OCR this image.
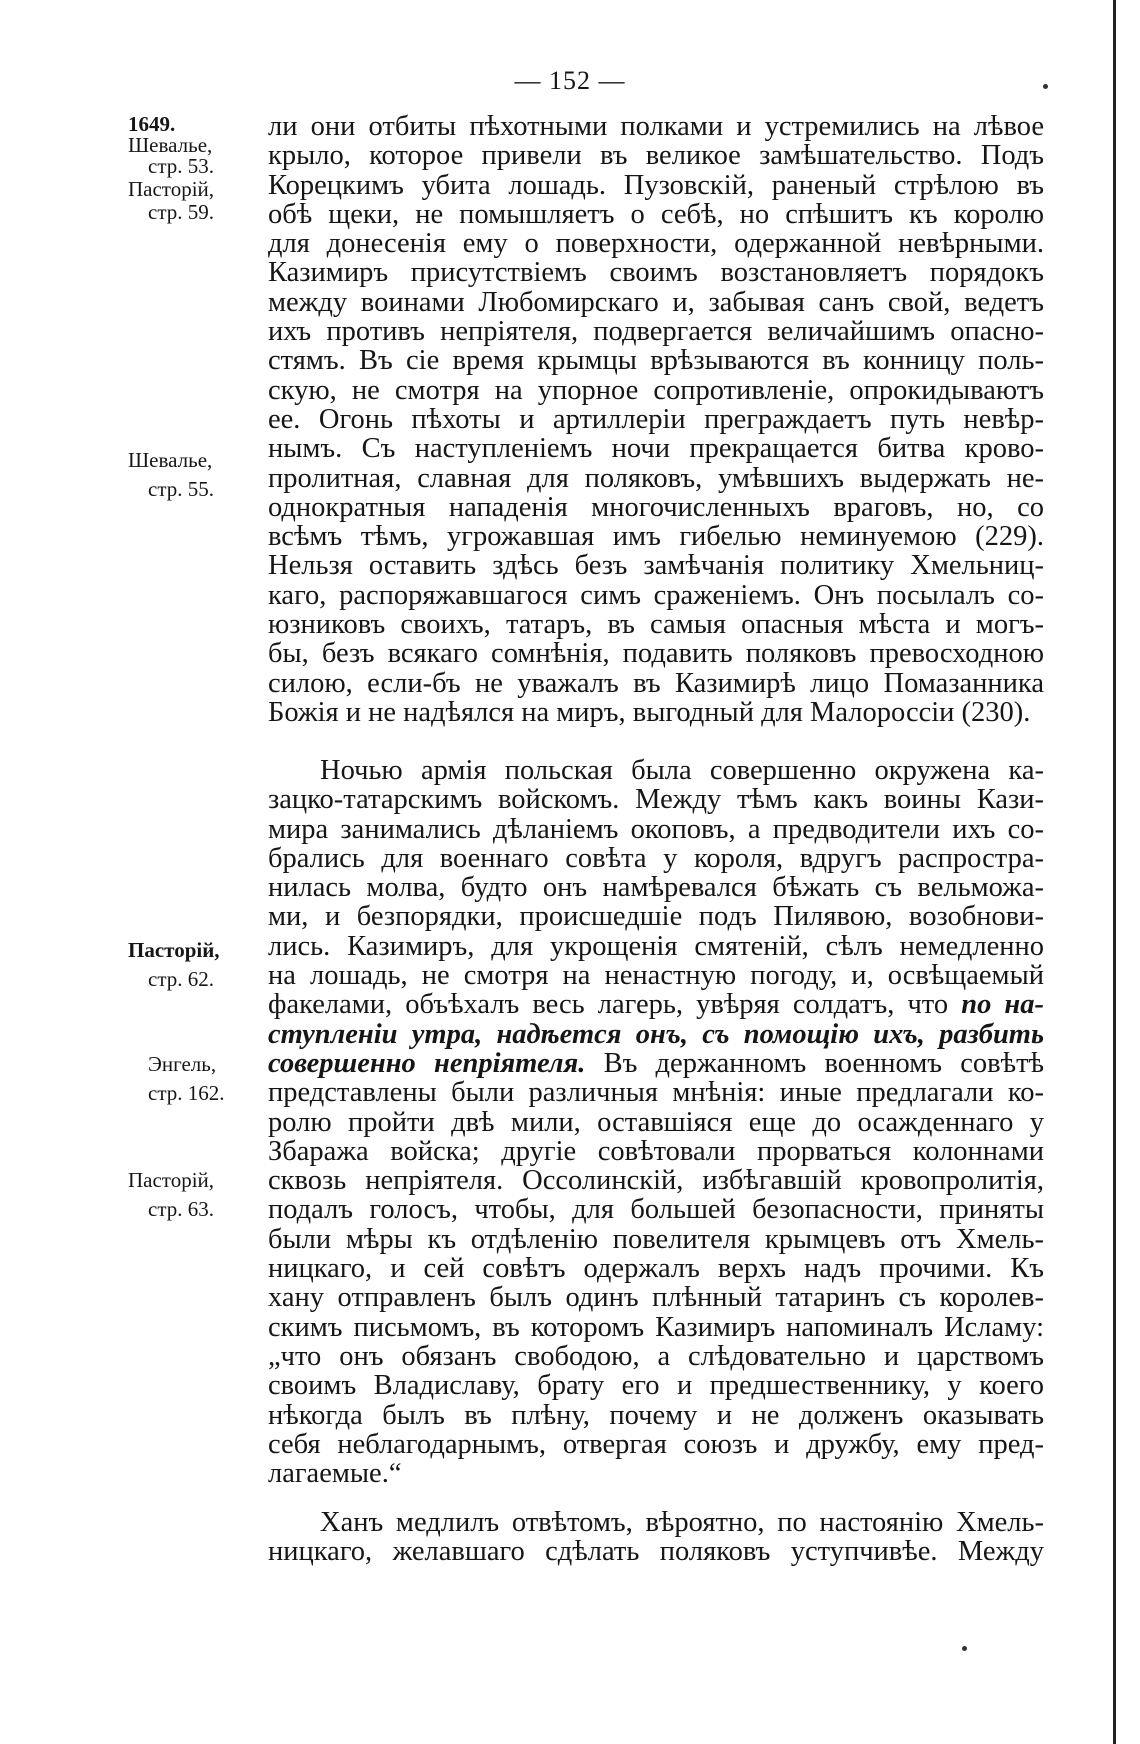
— 152 —
1649.
Шевалье,
стр. 53.
Пасторій,
стр. 59.
Шевалье,
стр. 55.
Пасторій,
стр. 62.
Энгель,
стр. 162.
Пасторій,
стр. 63.
ли они отбиты пѣхотными полками и устремились на лѣвое
крыло, которое привели въ великое замѣшательство. Подъ
Корецкимъ убита лошадь. Пузовскій, раненый стрѣлою въ
обѣ щеки, не помышляетъ о себѣ, но спѣшитъ къ королю
для донесенія ему о поверхности, одержанной невѣрными.
Казимиръ присутствіемъ своимъ возстановляетъ порядокъ
между воинами Любомирскаго и, забывая санъ свой, ведетъ
ихъ противъ непріятеля, подвергается величайшимъ опасно-
стямъ. Въ сіе время крымцы врѣзываются въ конницу поль-
скую, не смотря на упорное сопротивленіе, опрокидываютъ
ее. Огонь пѣхоты и артиллеріи преграждаетъ путь невѣр-
нымъ. Съ наступленіемъ ночи прекращается битва крово-
пролитная, славная для поляковъ, умѣвшихъ выдержать не-
однократныя нападенія многочисленныхъ враговъ, но, со
всѣмъ тѣмъ, угрожавшая имъ гибелью неминуемою (229).
Нельзя оставить здѣсь безъ замѣчанія политику Хмельниц-
каго, распоряжавшагося симъ сраженіемъ. Онъ посылалъ со-
юзниковъ своихъ, татаръ, въ самыя опасныя мѣста и могъ-
бы, безъ всякаго сомнѣнія, подавить поляковъ превосходною
силою, если-бъ не уважалъ въ Казимирѣ лицо Помазанника
Божія и не надѣялся на миръ, выгодный для Малороссіи (230).
Ночью армія польская была совершенно окружена ка-
зацко-татарскимъ войскомъ. Между тѣмъ какъ воины Кази-
мира занимались дѣланіемъ окоповъ, а предводители ихъ со-
брались для военнаго совѣта у короля, вдругъ распростра-
нилась молва, будто онъ намѣревался бѣжать съ вельможа-
ми, и безпорядки, происшедшіе подъ Пилявою, возобнови-
лись. Казимиръ, для укрощенія смятеній, сѣлъ немедленно
на лошадь, не смотря на ненастную погоду, и, освѣщаемый
факелами, объѣхалъ весь лагерь, увѣряя солдатъ, что по на-
ступленіи утра, надѣется онъ, съ помощію ихъ, разбить
совершенно непріятеля. Въ держанномъ военномъ совѣтѣ
представлены были различныя мнѣнія: иные предлагали ко-
ролю пройти двѣ мили, оставшіяся еще до осажденнаго у
Збаража войска; другіе совѣтовали прорваться колоннами
сквозь непріятеля. Оссолинскій, избѣгавшій кровопролитія,
подалъ голосъ, чтобы, для большей безопасности, приняты
были мѣры къ отдѣленію повелителя крымцевъ отъ Хмель-
ницкаго, и сей совѣтъ одержалъ верхъ надъ прочими. Къ
хану отправленъ былъ одинъ плѣнный татаринъ съ королев-
скимъ письмомъ, въ которомъ Казимиръ напоминалъ Исламу:
„что онъ обязанъ свободою, а слѣдовательно и царствомъ
своимъ Владиславу, брату его и предшественнику, у коего
нѣкогда былъ въ плѣну, почему и не долженъ оказывать
себя неблагодарнымъ, отвергая союзъ и дружбу, ему пред-
лагаемые.“
Ханъ медлилъ отвѣтомъ, вѣроятно, по настоянію Хмель-
ницкаго, желавшаго сдѣлать поляковъ уступчивѣе. Между
